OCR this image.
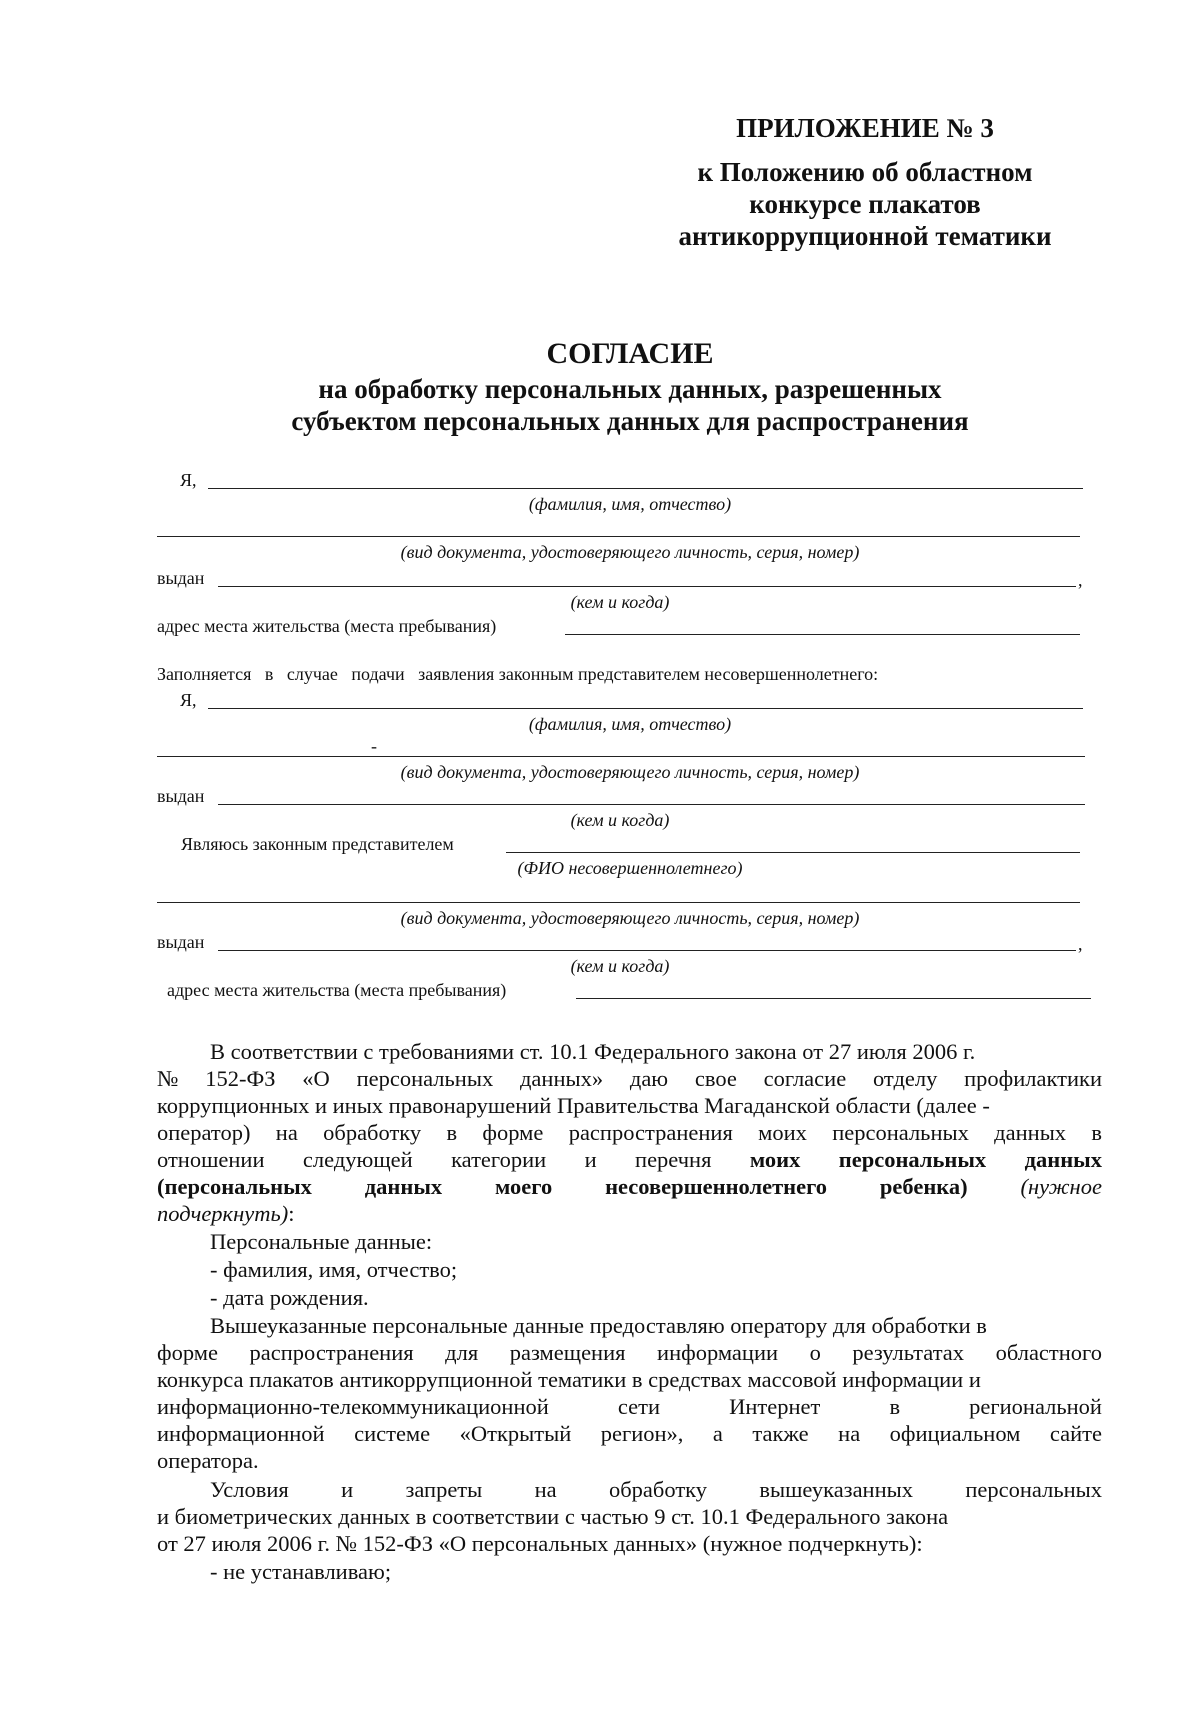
ПРИЛОЖЕНИЕ № 3
к Положению об областном
конкурсе плакатов
антикоррупционной тематики
СОГЛАСИЕ
на обработку персональных данных, разрешенных
субъектом персональных данных для распространения
Я,
(фамилия, имя, отчество)
(вид документа, удостоверяющего личность, серия, номер)
выдан	,
(кем и когда)
адрес места жительства (места пребывания)
Заполняется   в   случае   подачи   заявления законным представителем несовершеннолетнего:
Я,
(фамилия, имя, отчество)
-
(вид документа, удостоверяющего личность, серия, номер)
выдан
(кем и когда)
Являюсь законным представителем
(ФИО несовершеннолетнего)
(вид документа, удостоверяющего личность, серия, номер)
выдан	,
(кем и когда)
адрес места жительства (места пребывания)
В соответствии с требованиями ст. 10.1 Федерального закона от 27 июля 2006 г.
№ 152-ФЗ «О персональных данных» даю свое согласие отделу профилактики
коррупционных и иных правонарушений Правительства Магаданской области (далее -
оператор) на обработку в форме распространения моих персональных данных в
отношении следующей категории и перечня моих персональных данных
(персональных данных моего несовершеннолетнего ребенка) (нужное
подчеркнуть):
Персональные данные:
- фамилия, имя, отчество;
- дата рождения.
Вышеуказанные персональные данные предоставляю оператору для обработки в
форме распространения для размещения информации о результатах областного
конкурса плакатов антикоррупционной тематики в средствах массовой информации и
информационно-телекоммуникационной	сети	Интернет	в	региональной
информационной системе «Открытый регион», а также на официальном сайте
оператора.
Условия и запреты на обработку вышеуказанных персональных
и биометрических данных в соответствии с частью 9 ст. 10.1 Федерального закона
от 27 июля 2006 г. № 152-ФЗ «О персональных данных» (нужное подчеркнуть):
- не устанавливаю;
